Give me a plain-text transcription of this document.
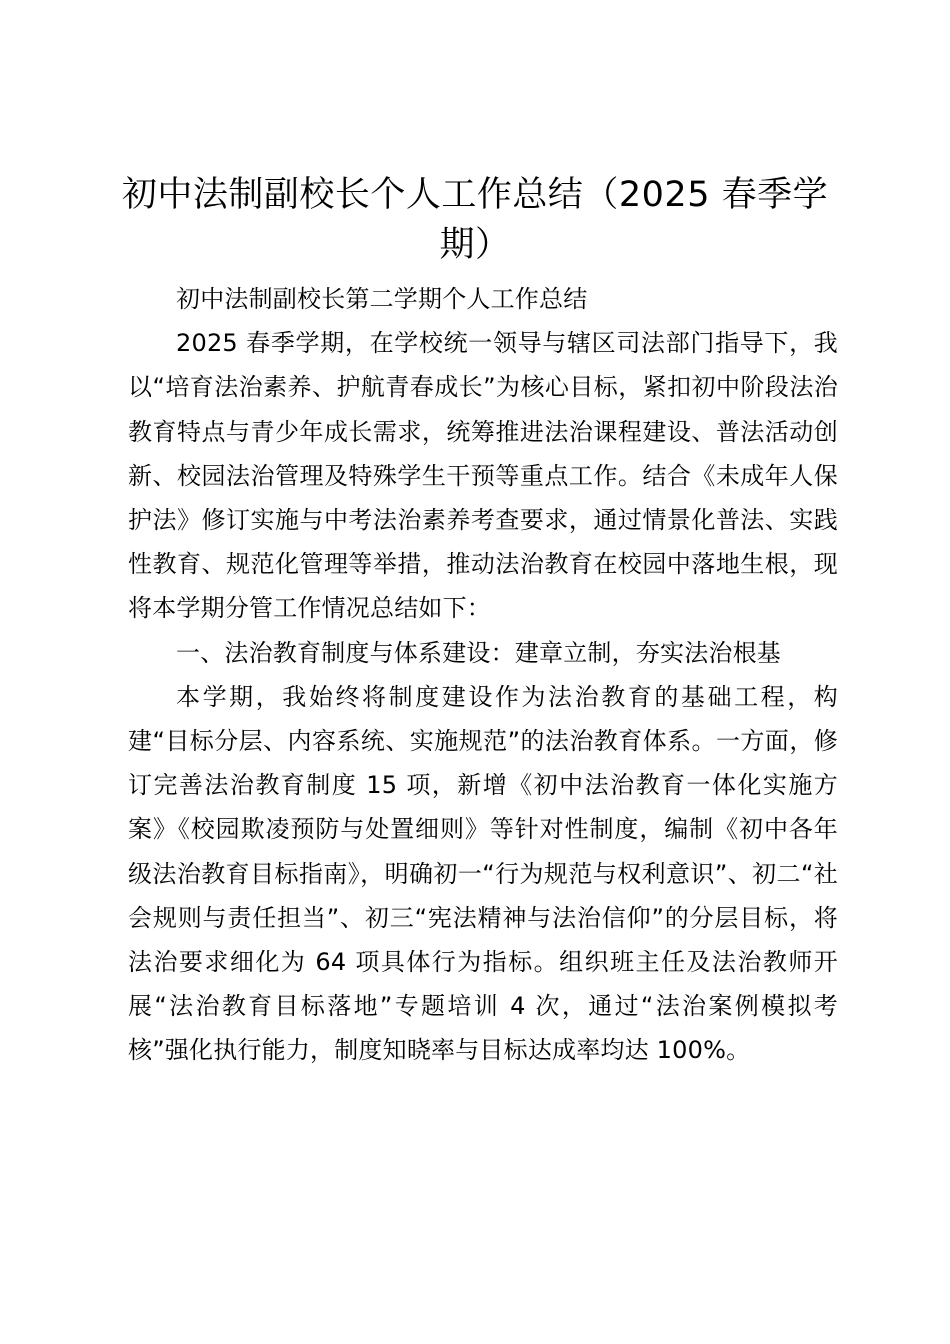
初中法制副校长个人工作总结（2025 春季学期）

初中法制副校长第二学期个人工作总结

2025 春季学期，在学校统一领导与辖区司法部门指导下，我以“培育法治素养、护航青春成长”为核心目标，紧扣初中阶段法治教育特点与青少年成长需求，统筹推进法治课程建设、普法活动创新、校园法治管理及特殊学生干预等重点工作。结合《未成年人保护法》修订实施与中考法治素养考查要求，通过情景化普法、实践性教育、规范化管理等举措，推动法治教育在校园中落地生根，现将本学期分管工作情况总结如下：

一、法治教育制度与体系建设：建章立制，夯实法治根基

本学期，我始终将制度建设作为法治教育的基础工程，构建“目标分层、内容系统、实施规范”的法治教育体系。一方面，修订完善法治教育制度 15 项，新增《初中法治教育一体化实施方案》《校园欺凌预防与处置细则》等针对性制度，编制《初中各年级法治教育目标指南》，明确初一“行为规范与权利意识”、初二“社会规则与责任担当”、初三“宪法精神与法治信仰”的分层目标，将法治要求细化为 64 项具体行为指标。组织班主任及法治教师开展“法治教育目标落地”专题培训 4 次，通过“法治案例模拟考核”强化执行能力，制度知晓率与目标达成率均达 100%。
